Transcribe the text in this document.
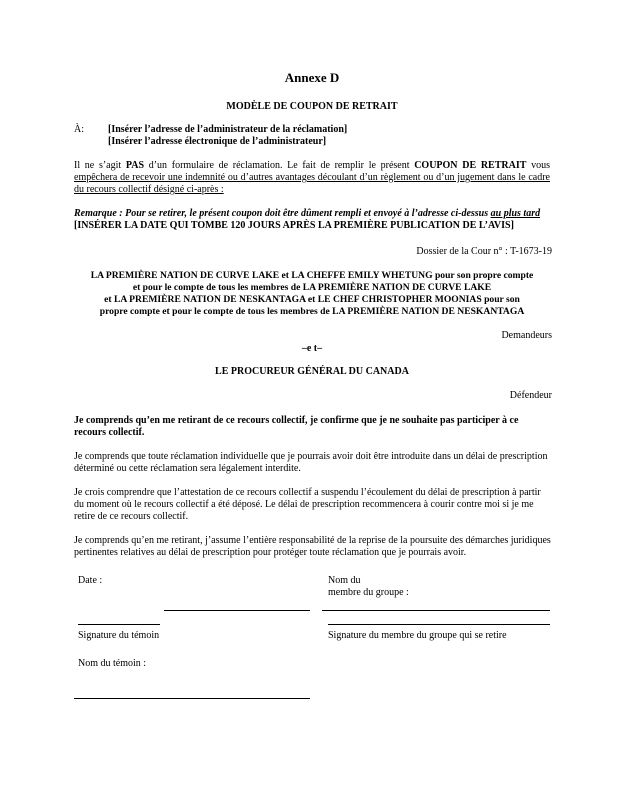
Annexe D
MODÈLE DE COUPON DE RETRAIT
À: [Insérer l’adresse de l’administrateur de la réclamation]
[Insérer l’adresse électronique de l’administrateur]
Il ne s’agit PAS d’un formulaire de réclamation. Le fait de remplir le présent COUPON DE RETRAIT vous empêchera de recevoir une indemnité ou d’autres avantages découlant d’un règlement ou d’un jugement dans le cadre du recours collectif désigné ci-après :
Remarque : Pour se retirer, le présent coupon doit être dûment rempli et envoyé à l’adresse ci-dessus au plus tard
[INSÉRER LA DATE QUI TOMBE 120 JOURS APRÈS LA PREMIÈRE PUBLICATION DE L’AVIS]
Dossier de la Cour n° : T-1673-19
LA PREMIÈRE NATION DE CURVE LAKE et LA CHEFFE EMILY WHETUNG pour son propre compte
et pour le compte de tous les membres de LA PREMIÈRE NATION DE CURVE LAKE
et LA PREMIÈRE NATION DE NESKANTAGA et LE CHEF CHRISTOPHER MOONIAS pour son
propre compte et pour le compte de tous les membres de LA PREMIÈRE NATION DE NESKANTAGA
Demandeurs
–e t–
LE PROCUREUR GÉNÉRAL DU CANADA
Défendeur
Je comprends qu’en me retirant de ce recours collectif, je confirme que je ne souhaite pas participer à ce recours collectif.
Je comprends que toute réclamation individuelle que je pourrais avoir doit être introduite dans un délai de prescription déterminé ou cette réclamation sera légalement interdite.
Je crois comprendre que l’attestation de ce recours collectif a suspendu l’écoulement du délai de prescription à partir du moment où le recours collectif a été déposé. Le délai de prescription recommencera à courir contre moi si je me retire de ce recours collectif.
Je comprends qu’en me retirant, j’assume l’entière responsabilité de la reprise de la poursuite des démarches juridiques pertinentes relatives au délai de prescription pour protéger toute réclamation que je pourrais avoir.
Date :	Nom du
membre du groupe :
Signature du témoin	Signature du membre du groupe qui se retire
Nom du témoin :
